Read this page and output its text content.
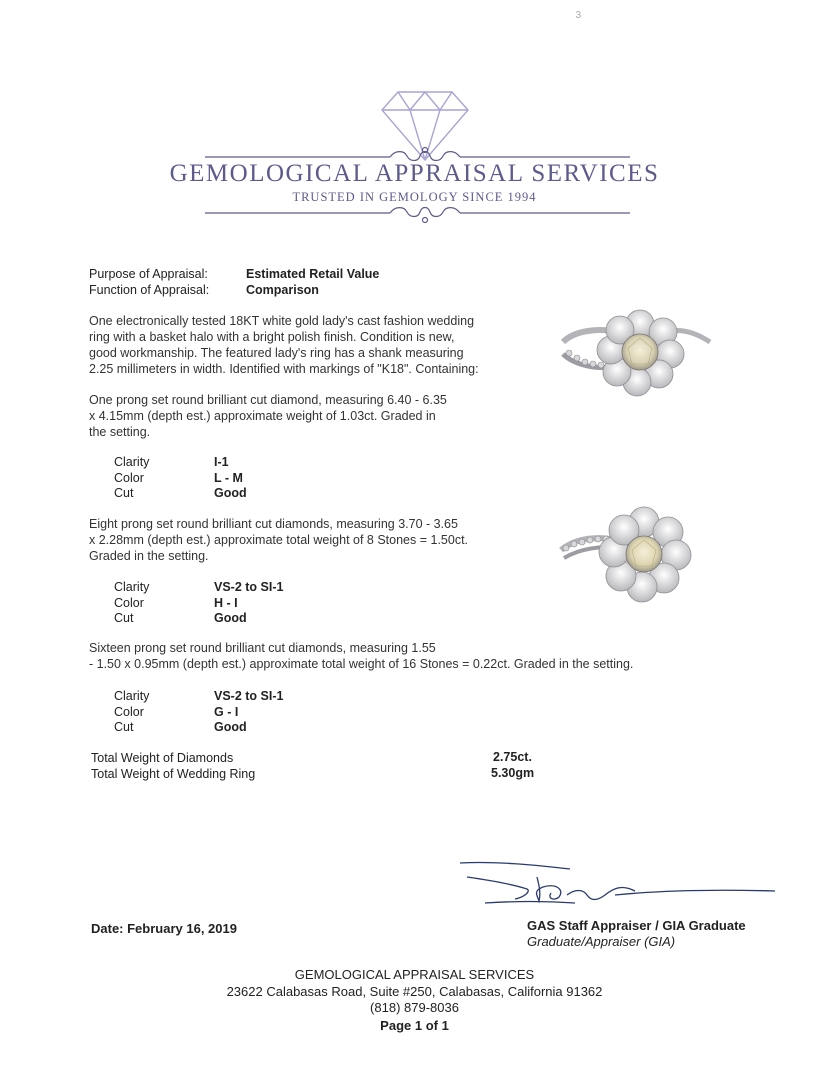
3
GEMOLOGICAL APPRAISAL SERVICES
TRUSTED IN GEMOLOGY SINCE 1994
Purpose of Appraisal:	Estimated Retail Value
Function of Appraisal:	Comparison
One electronically tested 18KT white gold lady's cast fashion wedding
ring with a basket halo with a bright polish finish. Condition is new,
good workmanship. The featured lady's ring has a shank measuring
2.25 millimeters in width. Identified with markings of "K18". Containing:
One prong set round brilliant cut diamond, measuring 6.40 - 6.35
x 4.15mm (depth est.) approximate weight of 1.03ct. Graded in
the setting.
Clarity	I-1
Color	L - M
Cut	Good
Eight prong set round brilliant cut diamonds, measuring 3.70 - 3.65
x 2.28mm (depth est.) approximate total weight of 8 Stones = 1.50ct.
Graded in the setting.
Clarity	VS-2 to SI-1
Color	H - I
Cut	Good
Sixteen prong set round brilliant cut diamonds, measuring 1.55
- 1.50 x 0.95mm (depth est.) approximate total weight of 16 Stones = 0.22ct. Graded in the setting.
Clarity	VS-2 to SI-1
Color	G - I
Cut	Good
Total Weight of Diamonds	2.75ct.
Total Weight of Wedding Ring	5.30gm
Date: February 16, 2019	GAS Staff Appraiser / GIA Graduate
Graduate/Appraiser (GIA)
GEMOLOGICAL APPRAISAL SERVICES
23622 Calabasas Road, Suite #250, Calabasas, California 91362
(818) 879-8036
Page 1 of 1
